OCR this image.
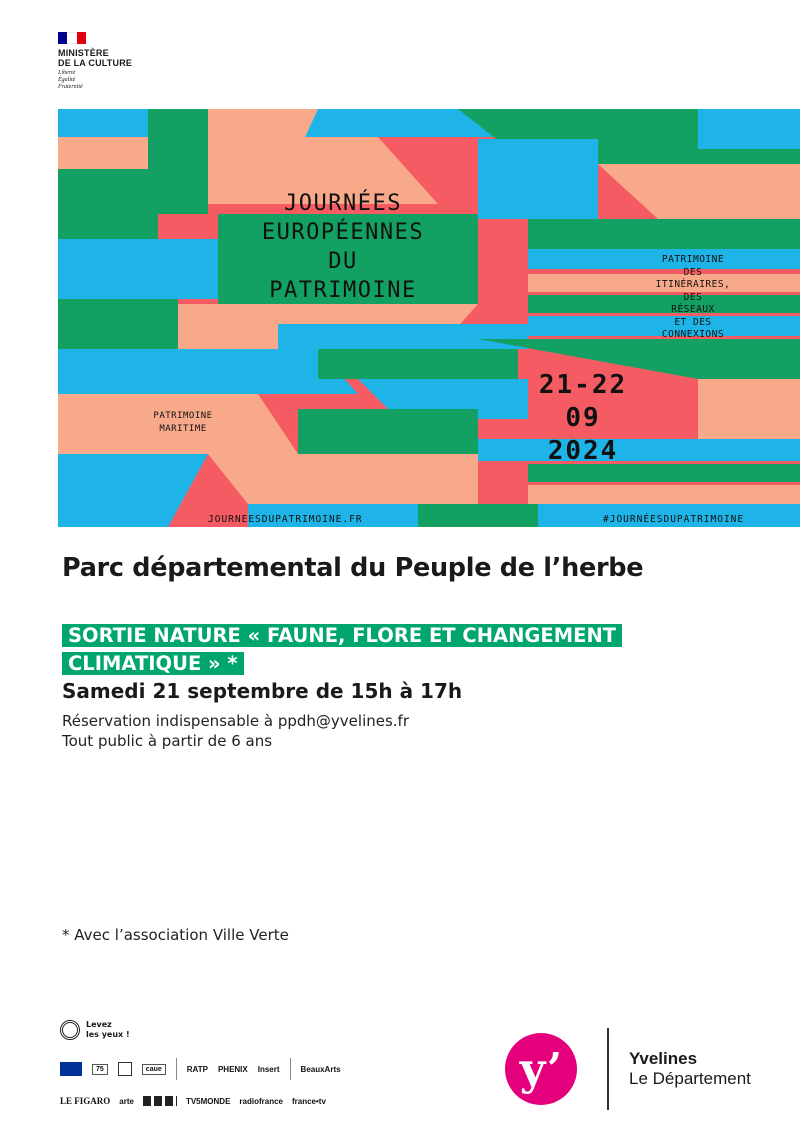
MINISTÈRE
DE LA CULTURE
Liberté
Égalité
Fraternité
JOURNÉES
EUROPÉENNES
DU
PATRIMOINE
PATRIMOINE
DES
ITINÉRAIRES,
DES
RÉSEAUX
ET DES
CONNEXIONS
21-22
09
2024
PATRIMOINE
MARITIME
JOURNEESDUPATRIMOINE.FR	#JOURNÉESDUPATRIMOINE
Parc départemental du Peuple de l’herbe
SORTIE NATURE « FAUNE, FLORE ET CHANGEMENT CLIMATIQUE » *
Samedi 21 septembre de 15h à 17h
Réservation indispensable à ppdh@yvelines.fr
Tout public à partir de 6 ans
* Avec l’association Ville Verte
Levez
les yeux !
75	caue	RATP PHENIX Insert	BeauxArts
LE FIGARO arte	TV5MONDE radiofrance france•tv
y’	Yvelines
Le Département
